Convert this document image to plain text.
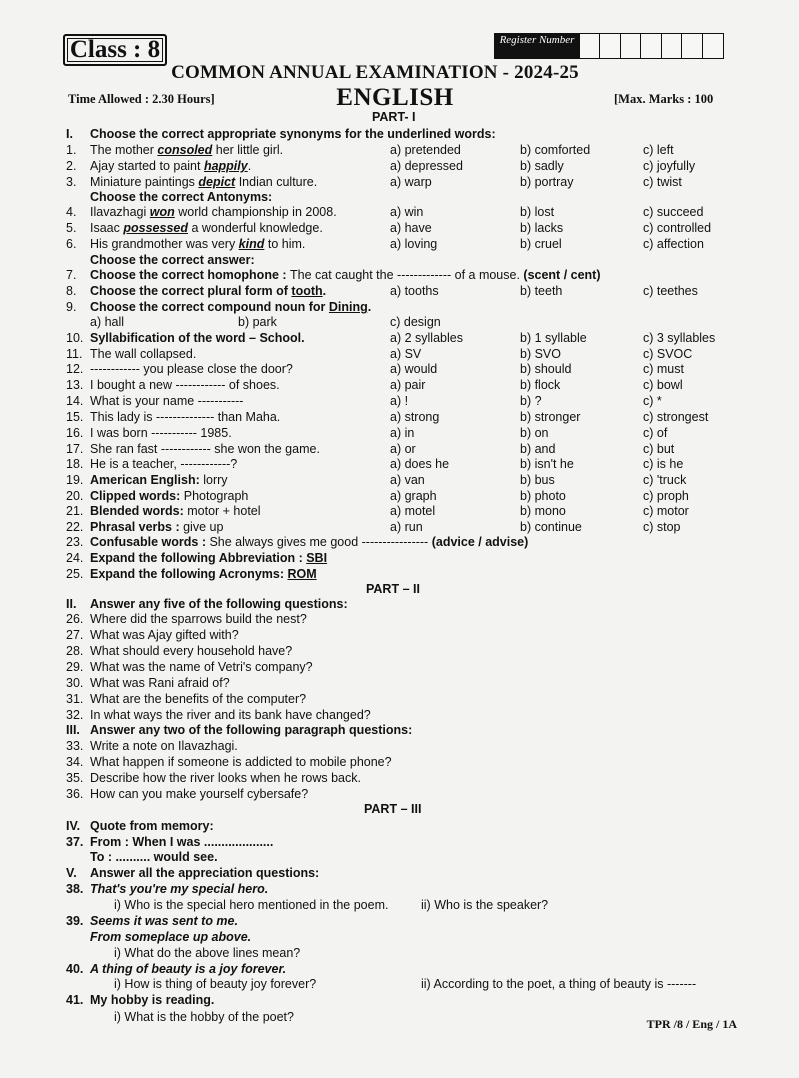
Class : 8	Register Number
COMMON ANNUAL EXAMINATION - 2024-25
Time Allowed : 2.30 Hours]	ENGLISH	[Max. Marks : 100
PART- I
I. Choose the correct appropriate synonyms for the underlined words:
1. The mother consoled her little girl.	a) pretended	b) comforted	c) left
2. Ajay started to paint happily.	a) depressed	b) sadly	c) joyfully
3. Miniature paintings depict Indian culture.	a) warp	b) portray	c) twist
Choose the correct Antonyms:
4. Ilavazhagi won world championship in 2008.	a) win	b) lost	c) succeed
5. Isaac possessed a wonderful knowledge.	a) have	b) lacks	c) controlled
6. His grandmother was very kind to him.	a) loving	b) cruel	c) affection
Choose the correct answer:
7. Choose the correct homophone : The cat caught the ------------- of a mouse. (scent / cent)
8. Choose the correct plural form of tooth.	a) tooths	b) teeth	c) teethes
9. Choose the correct compound noun for Dining.
a) hall	b) park	c) design
10. Syllabification of the word – School.	a) 2 syllables	b) 1 syllable	c) 3 syllables
11. The wall collapsed.	a) SV	b) SVO	c) SVOC
12. ------------ you please close the door?	a) would	b) should	c) must
13. I bought a new ------------ of shoes.	a) pair	b) flock	c) bowl
14. What is your name -----------	a) !	b) ?	c) *
15. This lady is -------------- than Maha.	a) strong	b) stronger	c) strongest
16. I was born ----------- 1985.	a) in	b) on	c) of
17. She ran fast ------------ she won the game.	a) or	b) and	c) but
18. He is a teacher, ------------?	a) does he	b) isn't he	c) is he
19. American English: lorry	a) van	b) bus	c) 'truck
20. Clipped words: Photograph	a) graph	b) photo	c) proph
21. Blended words: motor + hotel	a) motel	b) mono	c) motor
22. Phrasal verbs : give up	a) run	b) continue	c) stop
23. Confusable words : She always gives me good ---------------- (advice / advise)
24. Expand the following Abbreviation : SBI
25. Expand the following Acronyms: ROM
PART – II
II. Answer any five of the following questions:
26. Where did the sparrows build the nest?
27. What was Ajay gifted with?
28. What should every household have?
29. What was the name of Vetri's company?
30. What was Rani afraid of?
31. What are the benefits of the computer?
32. In what ways the river and its bank have changed?
III. Answer any two of the following paragraph questions:
33. Write a note on Ilavazhagi.
34. What happen if someone is addicted to mobile phone?
35. Describe how the river looks when he rows back.
36. How can you make yourself cybersafe?
PART – III
IV. Quote from memory:
37. From : When I was ....................
To : .......... would see.
V. Answer all the appreciation questions:
38. That's you're my special hero.
i) Who is the special hero mentioned in the poem.	ii) Who is the speaker?
39. Seems it was sent to me.
From someplace up above.
i) What do the above lines mean?
40. A thing of beauty is a joy forever.
i) How is thing of beauty joy forever?	ii) According to the poet, a thing of beauty is -------
41. My hobby is reading.
i) What is the hobby of the poet?	TPR /8 / Eng / 1A
